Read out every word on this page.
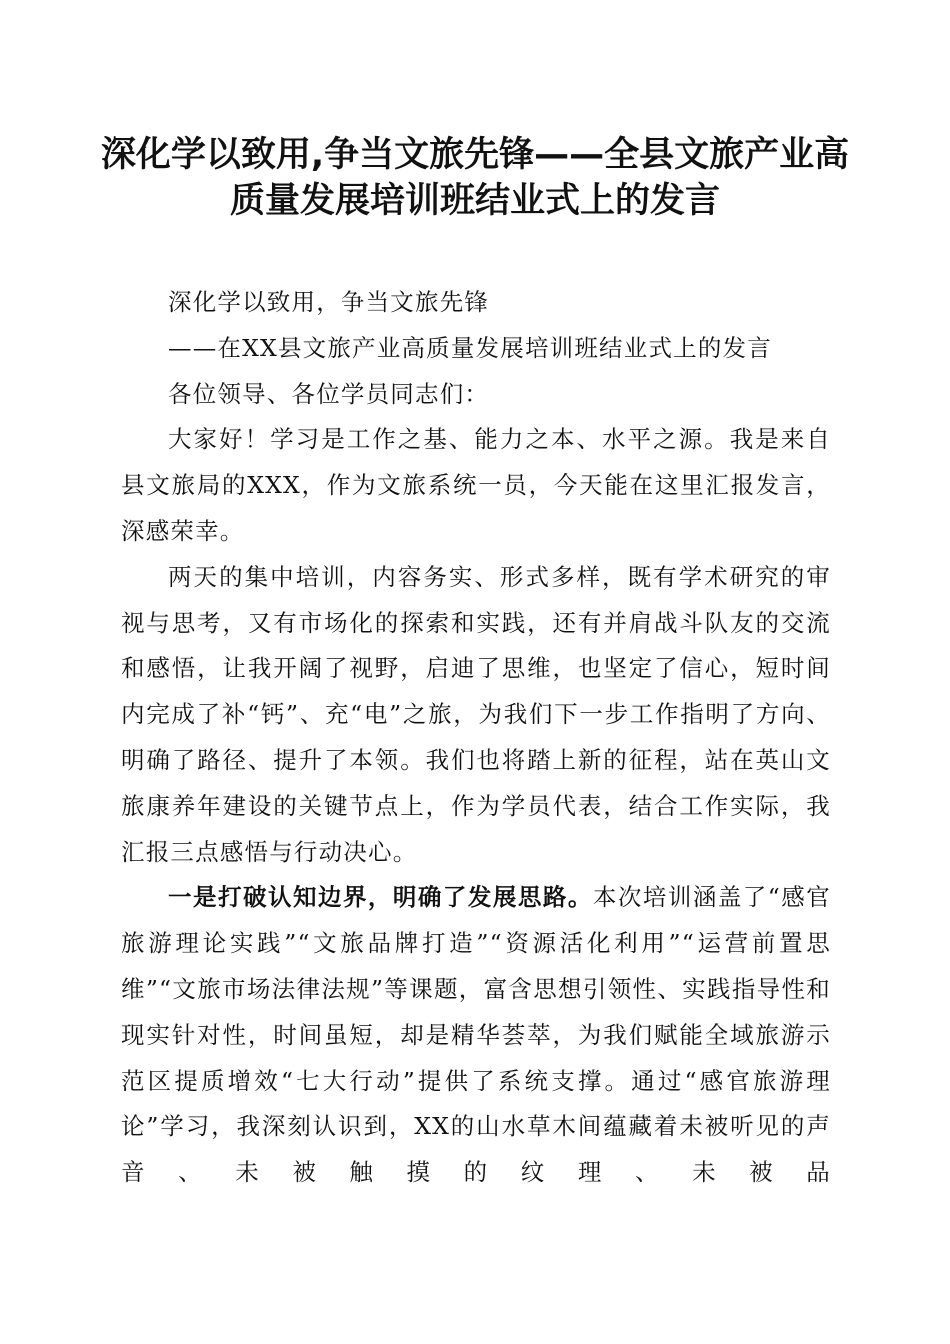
深化学以致用,争当文旅先锋——全县文旅产业高质量发展培训班结业式上的发言

深化学以致用，争当文旅先锋

——在XX县文旅产业高质量发展培训班结业式上的发言

各位领导、各位学员同志们：

大家好！学习是工作之基、能力之本、水平之源。我是来自县文旅局的XXX，作为文旅系统一员，今天能在这里汇报发言，深感荣幸。

两天的集中培训，内容务实、形式多样，既有学术研究的审视与思考，又有市场化的探索和实践，还有并肩战斗队友的交流和感悟，让我开阔了视野，启迪了思维，也坚定了信心，短时间内完成了补“钙”、充“电”之旅，为我们下一步工作指明了方向、明确了路径、提升了本领。我们也将踏上新的征程，站在英山文旅康养年建设的关键节点上，作为学员代表，结合工作实际，我汇报三点感悟与行动决心。

一是打破认知边界，明确了发展思路。本次培训涵盖了“感官旅游理论实践”“文旅品牌打造”“资源活化利用”“运营前置思维”“文旅市场法律法规”等课题，富含思想引领性、实践指导性和现实针对性，时间虽短，却是精华荟萃，为我们赋能全域旅游示范区提质增效“七大行动”提供了系统支撑。通过“感官旅游理论”学习，我深刻认识到，XX的山水草木间蕴藏着未被听见的声音、未被触摸的纹理、未被品
